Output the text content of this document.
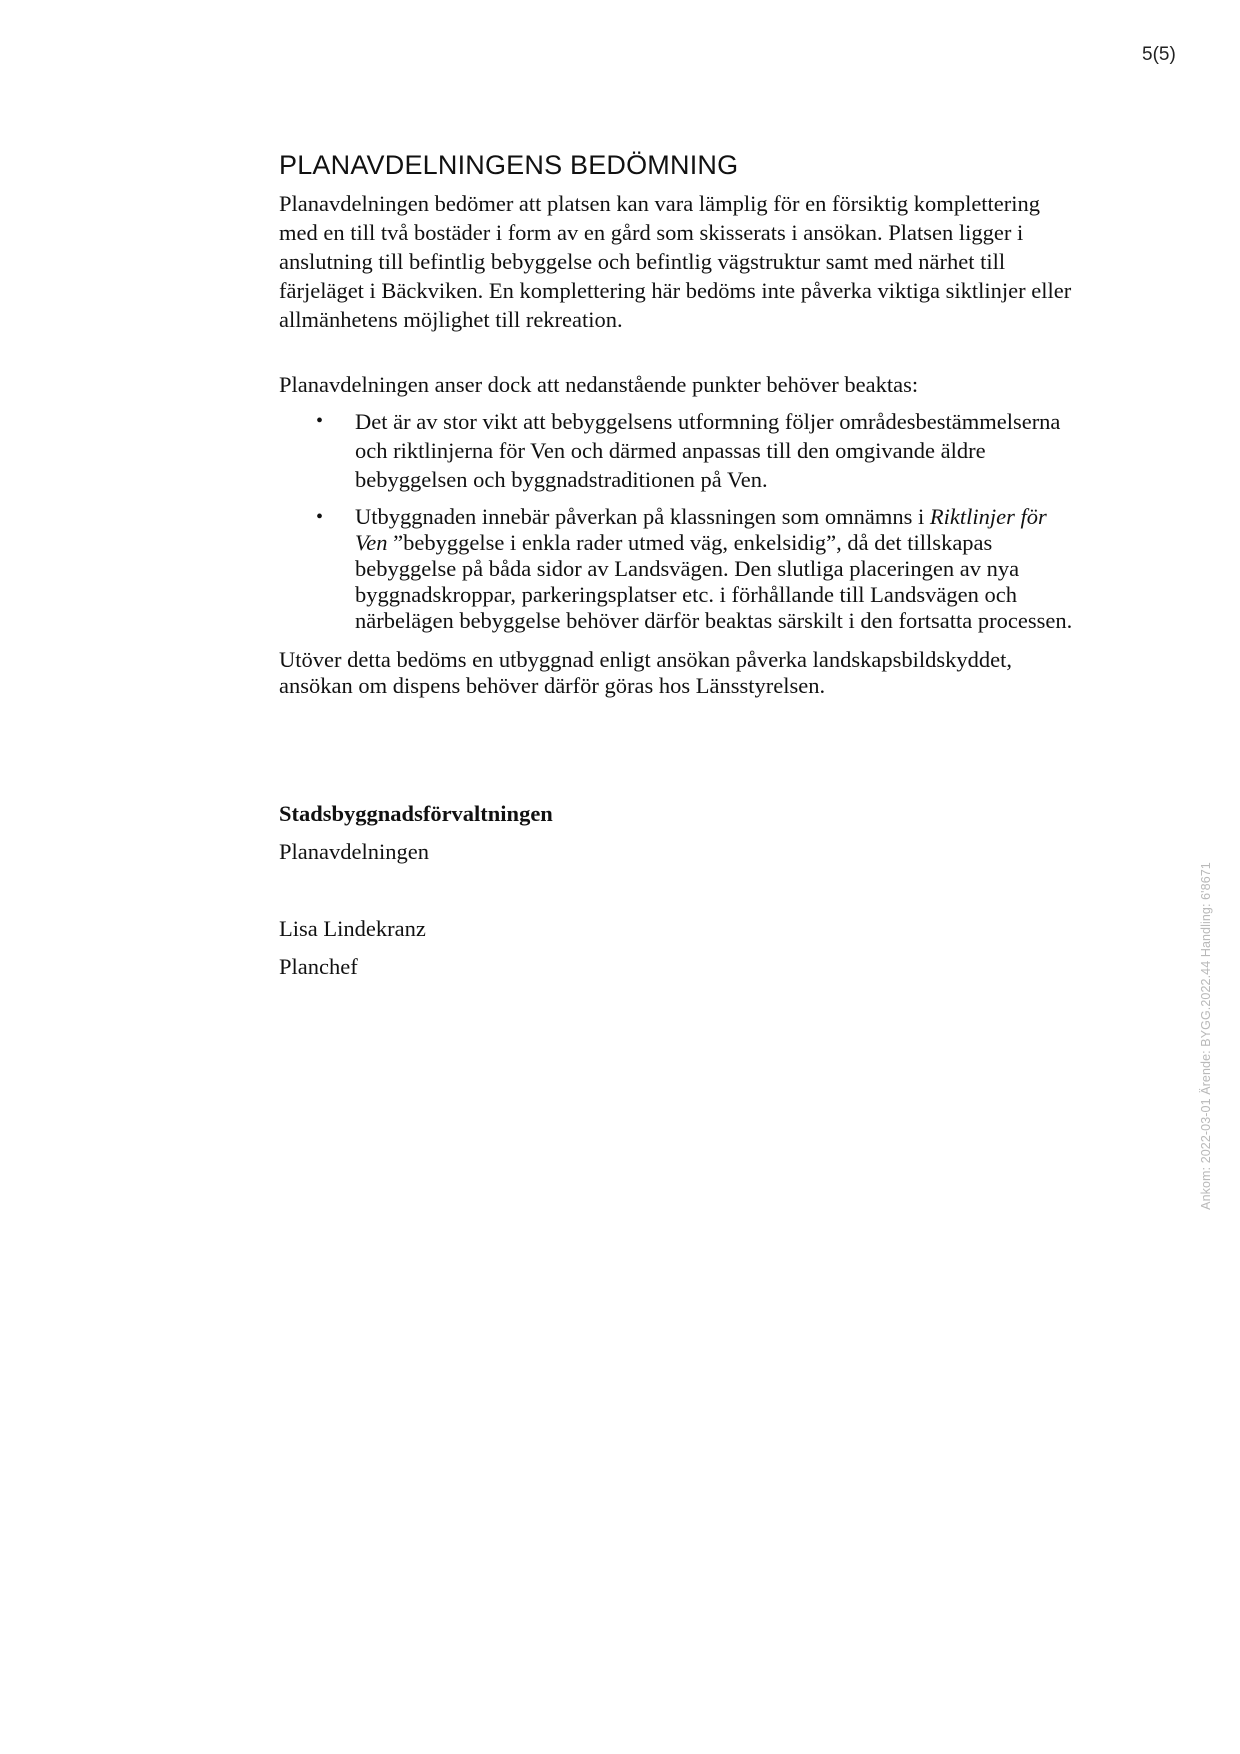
5(5)
PLANAVDELNINGENS BEDÖMNING

Planavdelningen bedömer att platsen kan vara lämplig för en försiktig komplettering med en till två bostäder i form av en gård som skisserats i ansökan. Platsen ligger i anslutning till befintlig bebyggelse och befintlig vägstruktur samt med närhet till färjeläget i Bäckviken. En komplettering här bedöms inte påverka viktiga siktlinjer eller allmänhetens möjlighet till rekreation.

Planavdelningen anser dock att nedanstående punkter behöver beaktas:

• Det är av stor vikt att bebyggelsens utformning följer områdesbestämmelserna och riktlinjerna för Ven och därmed anpassas till den omgivande äldre bebyggelsen och byggnadstraditionen på Ven.
• Utbyggnaden innebär påverkan på klassningen som omnämns i Riktlinjer för Ven ”bebyggelse i enkla rader utmed väg, enkelsidig”, då det tillskapas bebyggelse på båda sidor av Landsvägen. Den slutliga placeringen av nya byggnadskroppar, parkeringsplatser etc. i förhållande till Landsvägen och närbelägen bebyggelse behöver därför beaktas särskilt i den fortsatta processen.

Utöver detta bedöms en utbyggnad enligt ansökan påverka landskapsbildskyddet, ansökan om dispens behöver därför göras hos Länsstyrelsen.

Stadsbyggnadsförvaltningen
Planavdelningen
Lisa Lindekranz
Planchef	Ankom: 2022-03-01 Ärende: BYGG.2022.44 Handling: 6'8671
